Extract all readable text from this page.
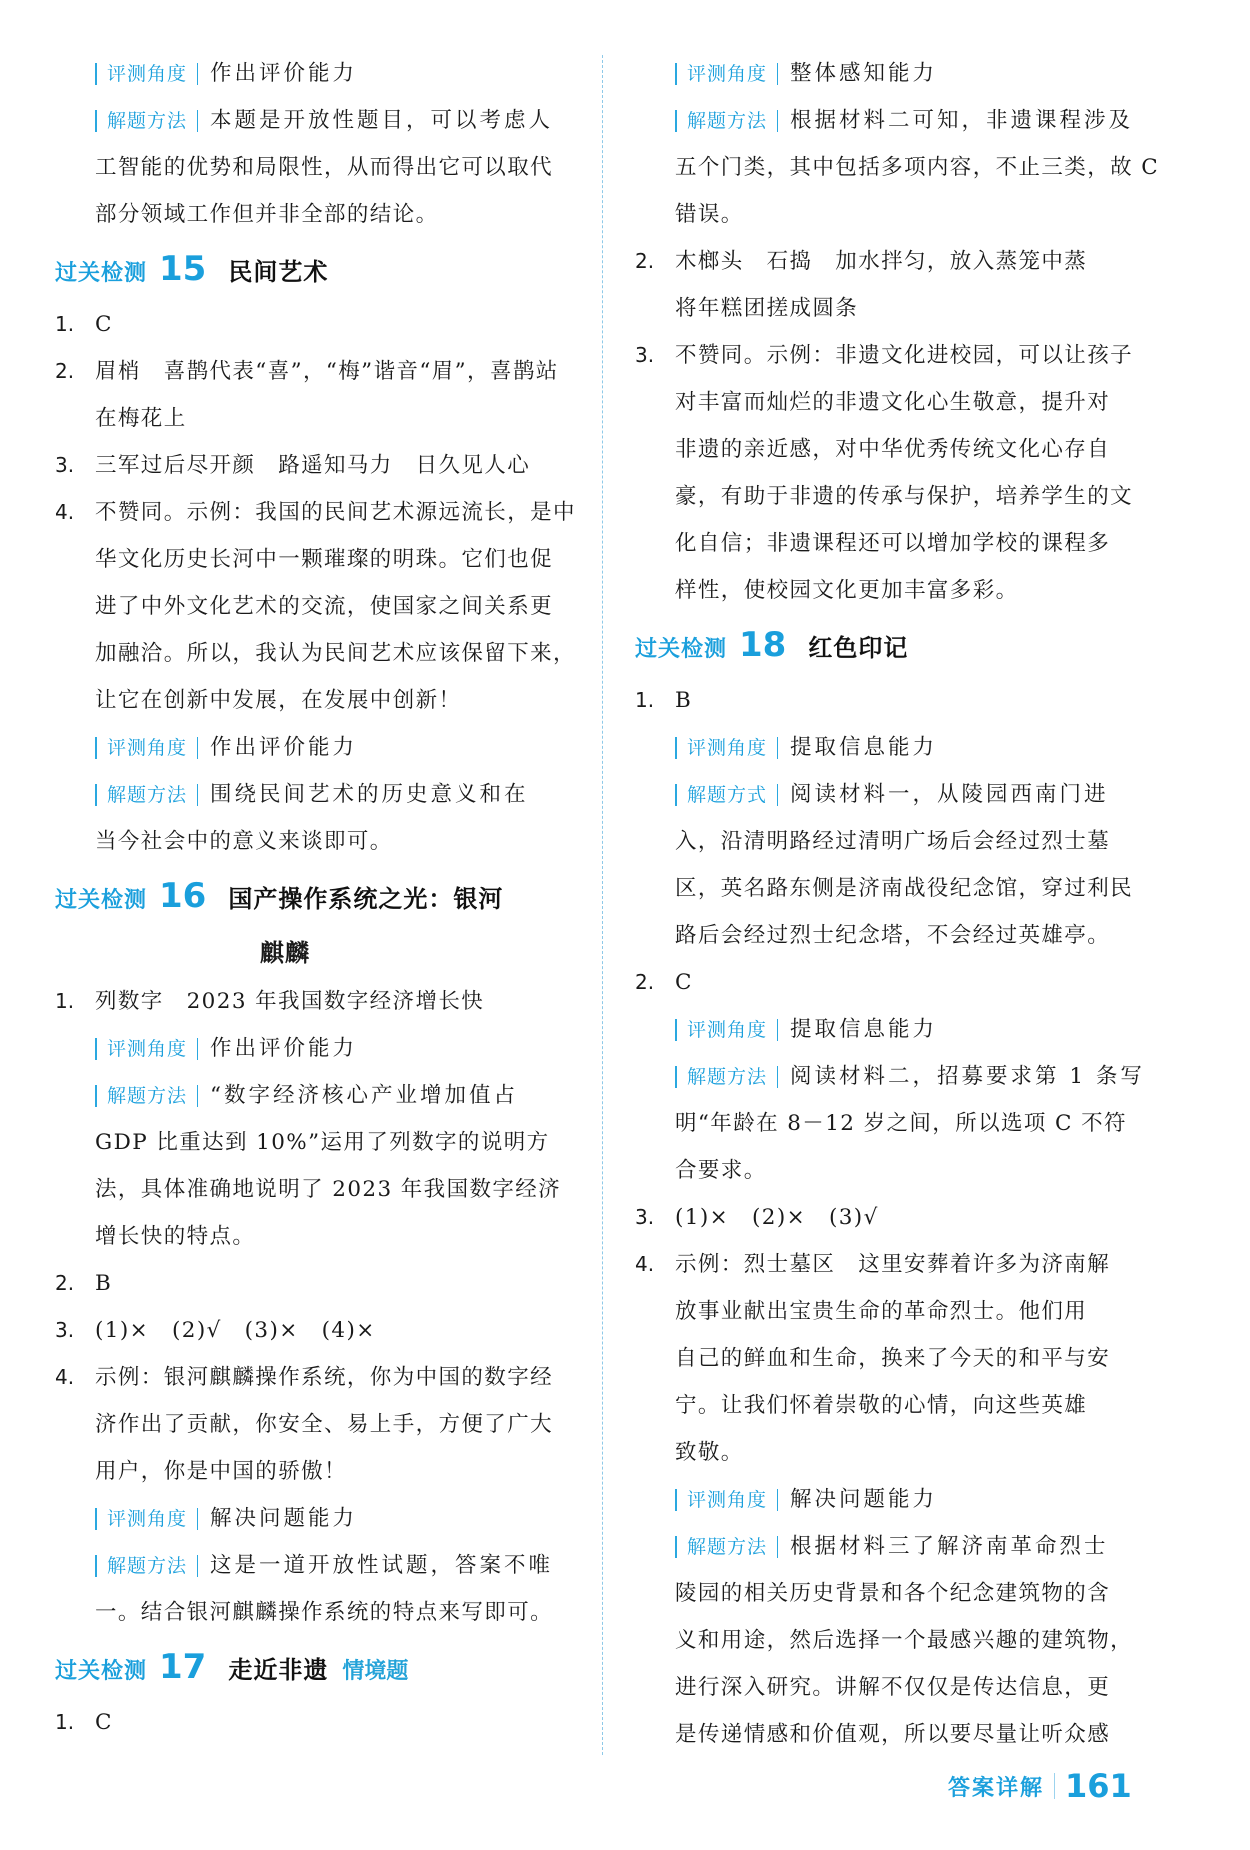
评测角度 作出评价能力
解题方法 本题是开放性题目，可以考虑人
工智能的优势和局限性，从而得出它可以取代
部分领域工作但并非全部的结论。
过关检测 15 民间艺术
1. C
2. 眉梢　喜鹊代表“喜”，“梅”谐音“眉”，喜鹊站
在梅花上
3. 三军过后尽开颜　路遥知马力　日久见人心
4. 不赞同。示例：我国的民间艺术源远流长，是中
华文化历史长河中一颗璀璨的明珠。它们也促
进了中外文化艺术的交流，使国家之间关系更
加融洽。所以，我认为民间艺术应该保留下来，
让它在创新中发展，在发展中创新！
评测角度 作出评价能力
解题方法 围绕民间艺术的历史意义和在
当今社会中的意义来谈即可。
过关检测 16 国产操作系统之光：银河
麒麟
1. 列数字　2023 年我国数字经济增长快
评测角度 作出评价能力
解题方法 “数字经济核心产业增加值占
GDP 比重达到 10%”运用了列数字的说明方
法，具体准确地说明了 2023 年我国数字经济
增长快的特点。
2. B
3. (1)×　(2)√　(3)×　(4)×
4. 示例：银河麒麟操作系统，你为中国的数字经
济作出了贡献，你安全、易上手，方便了广大
用户，你是中国的骄傲！
评测角度 解决问题能力
解题方法 这是一道开放性试题，答案不唯
一。结合银河麒麟操作系统的特点来写即可。
过关检测 17 走近非遗 情境题
1. C
评测角度 整体感知能力
解题方法 根据材料二可知，非遗课程涉及
五个门类，其中包括多项内容，不止三类，故 C
错误。
2. 木榔头　石捣　加水拌匀，放入蒸笼中蒸
将年糕团搓成圆条
3. 不赞同。示例：非遗文化进校园，可以让孩子
对丰富而灿烂的非遗文化心生敬意，提升对
非遗的亲近感，对中华优秀传统文化心存自
豪，有助于非遗的传承与保护，培养学生的文
化自信；非遗课程还可以增加学校的课程多
样性，使校园文化更加丰富多彩。
过关检测 18 红色印记
1. B
评测角度 提取信息能力
解题方式 阅读材料一，从陵园西南门进
入，沿清明路经过清明广场后会经过烈士墓
区，英名路东侧是济南战役纪念馆，穿过利民
路后会经过烈士纪念塔，不会经过英雄亭。
2. C
评测角度 提取信息能力
解题方法 阅读材料二，招募要求第 1 条写
明“年龄在 8－12 岁之间，所以选项 C 不符
合要求。
3. (1)×　(2)×　(3)√
4. 示例：烈士墓区　这里安葬着许多为济南解
放事业献出宝贵生命的革命烈士。他们用
自己的鲜血和生命，换来了今天的和平与安
宁。让我们怀着崇敬的心情，向这些英雄
致敬。
评测角度 解决问题能力
解题方法 根据材料三了解济南革命烈士
陵园的相关历史背景和各个纪念建筑物的含
义和用途，然后选择一个最感兴趣的建筑物，
进行深入研究。讲解不仅仅是传达信息，更
是传递情感和价值观，所以要尽量让听众感
答案详解 161
